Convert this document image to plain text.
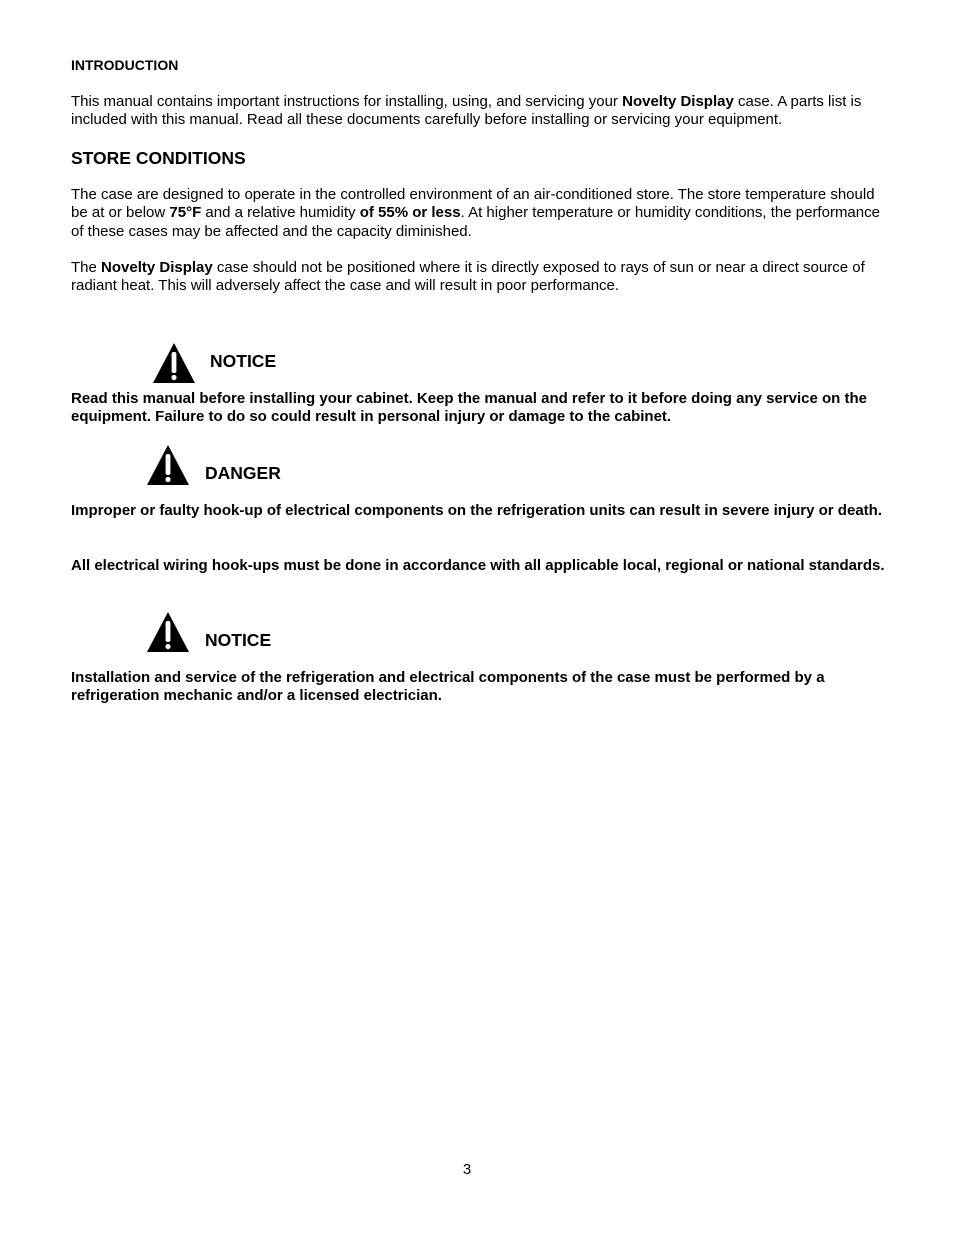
INTRODUCTION

This manual contains important instructions for installing, using, and servicing your Novelty Display case. A parts list is included with this manual. Read all these documents carefully before installing or servicing your equipment.

STORE CONDITIONS

The case are designed to operate in the controlled environment of an air-conditioned store. The store temperature should be at or below 75°F and a relative humidity of 55% or less. At higher temperature or humidity conditions, the performance of these cases may be affected and the capacity diminished.

The Novelty Display case should not be positioned where it is directly exposed to rays of sun or near a direct source of radiant heat. This will adversely affect the case and will result in poor performance.

NOTICE

Read this manual before installing your cabinet. Keep the manual and refer to it before doing any service on the equipment. Failure to do so could result in personal injury or damage to the cabinet.

DANGER

Improper or faulty hook-up of electrical components on the refrigeration units can result in severe injury or death.

All electrical wiring hook-ups must be done in accordance with all applicable local, regional or national standards.

NOTICE

Installation and service of the refrigeration and electrical components of the case must be performed by a refrigeration mechanic and/or a licensed electrician.

3
